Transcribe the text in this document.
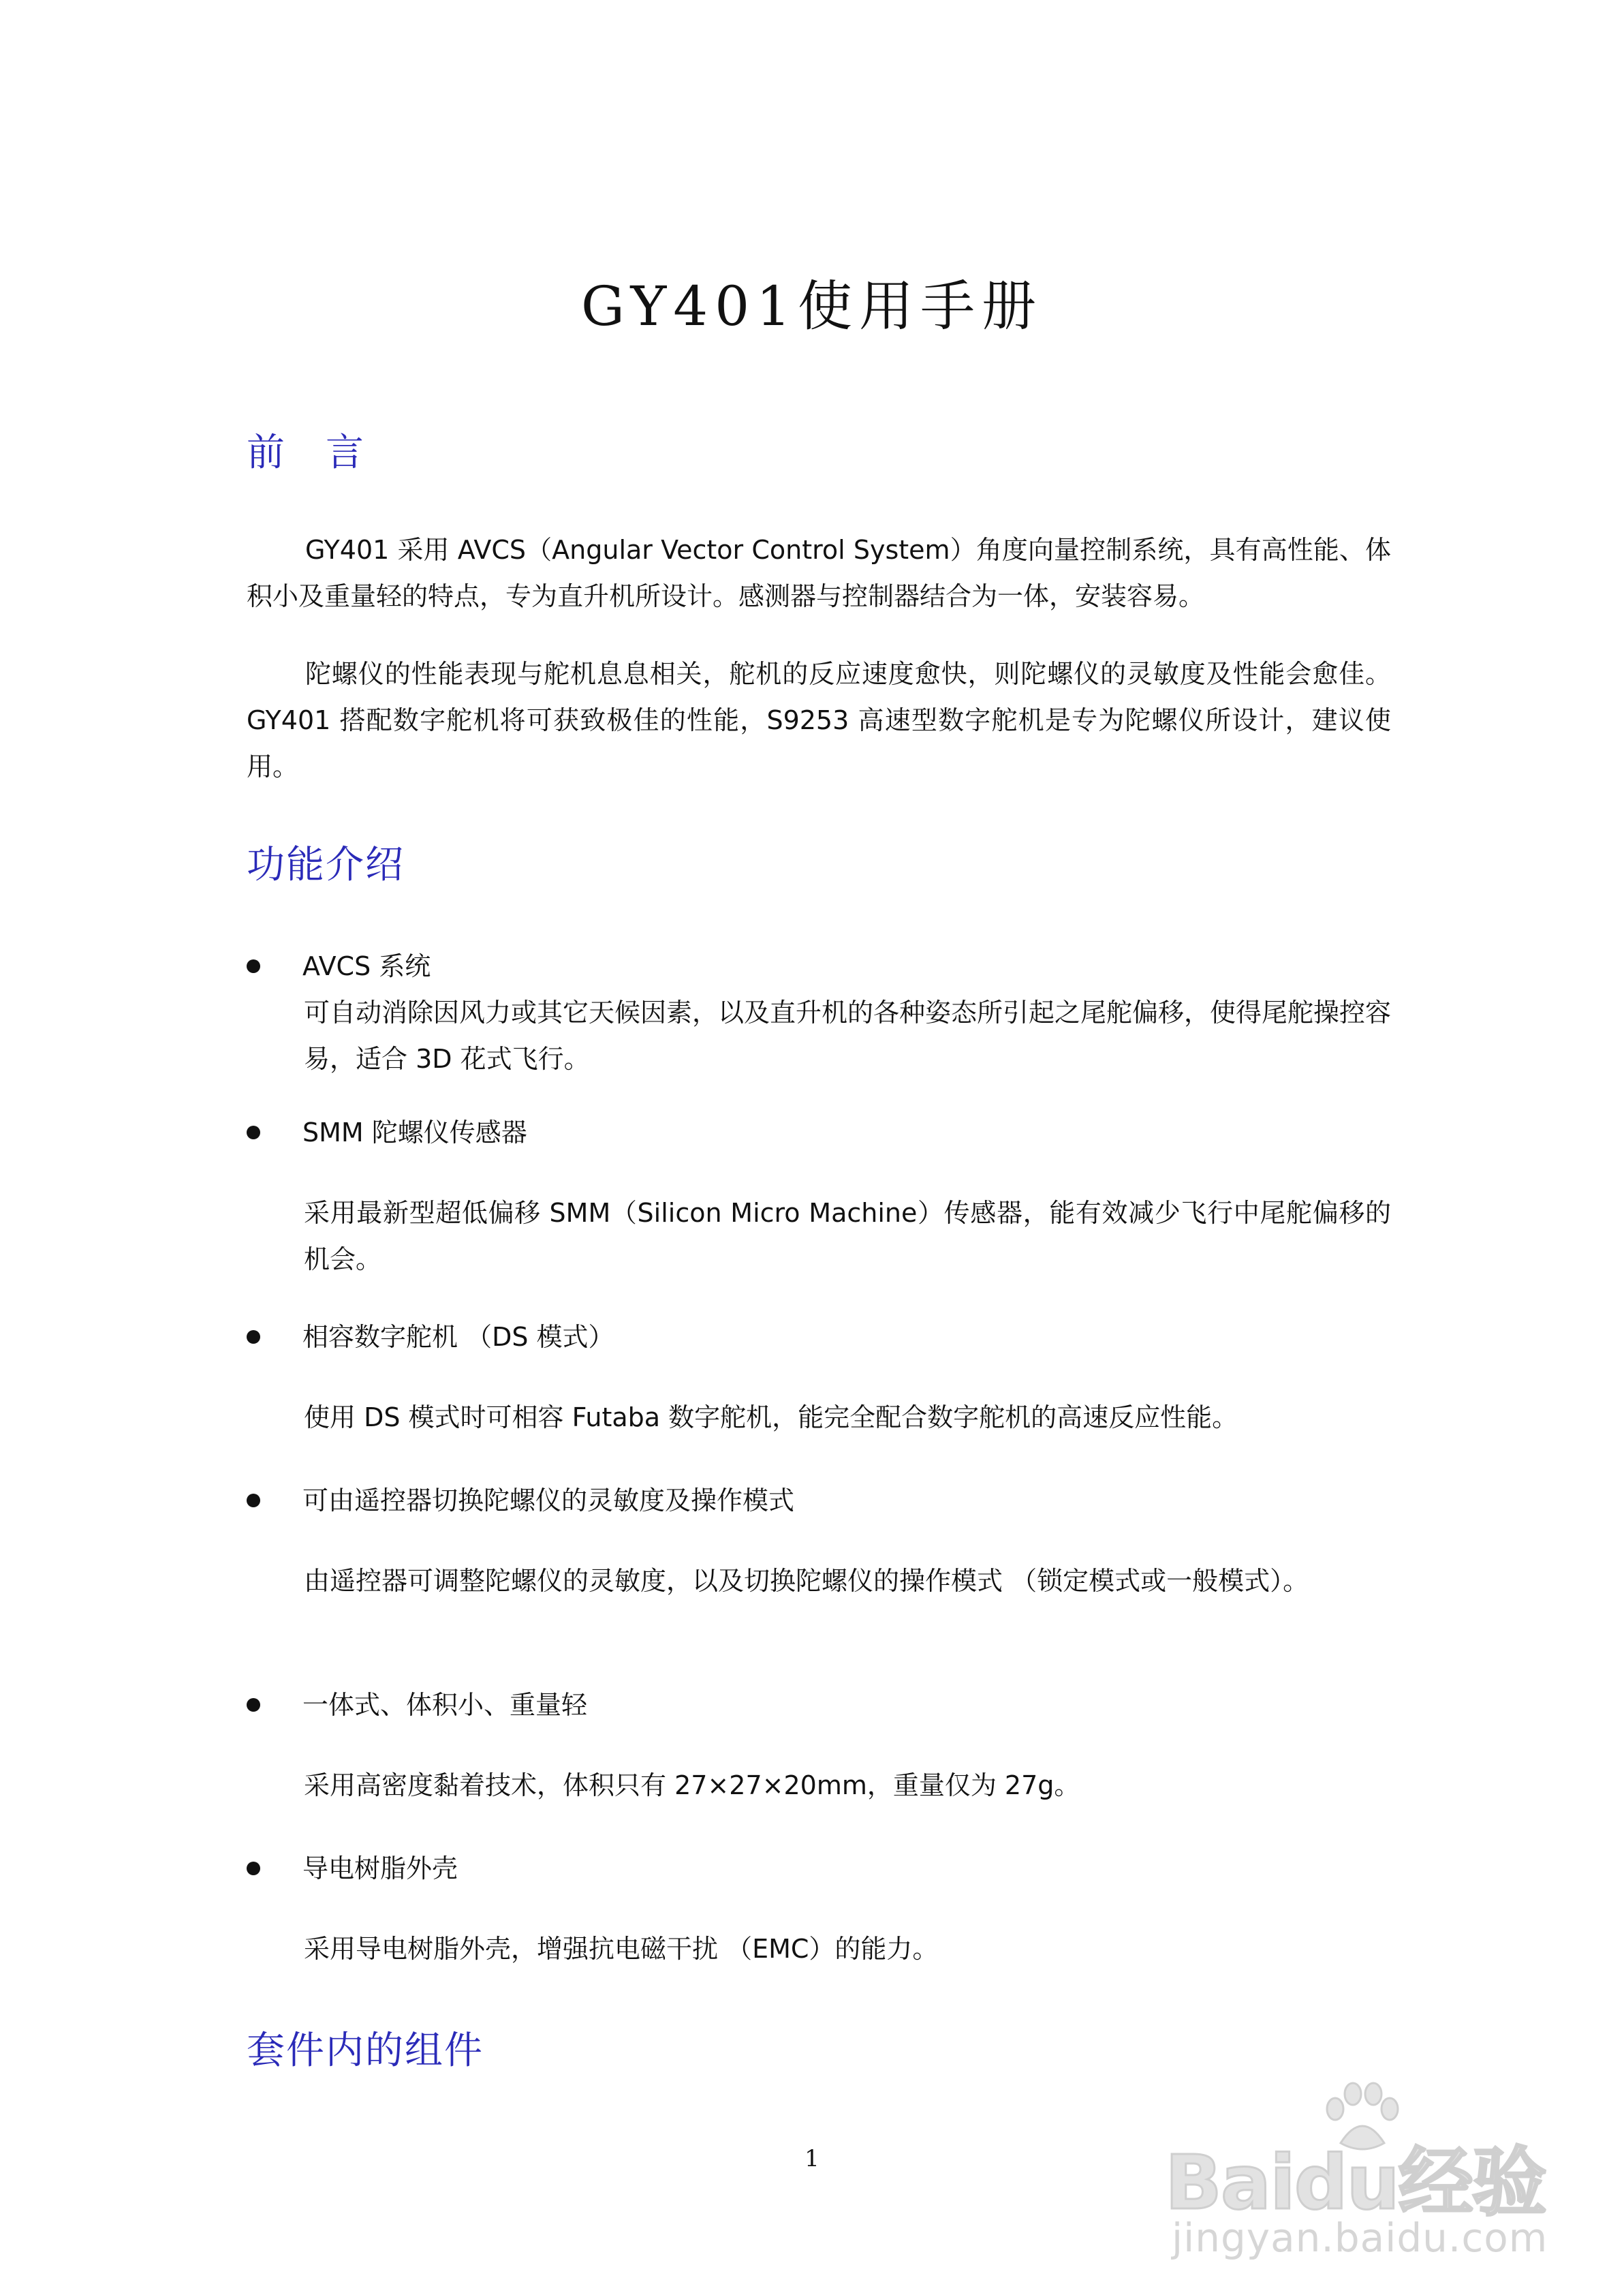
GY401使用手册
前言
GY401 采用 AVCS（Angular Vector Control System）角度向量控制系统，具有高性能、体积小及重量轻的特点，专为直升机所设计。感测器与控制器结合为一体，安装容易。
陀螺仪的性能表现与舵机息息相关，舵机的反应速度愈快，则陀螺仪的灵敏度及性能会愈佳。GY401 搭配数字舵机将可获致极佳的性能，S9253 高速型数字舵机是专为陀螺仪所设计，建议使用。
功能介绍
AVCS 系统
可自动消除因风力或其它天候因素，以及直升机的各种姿态所引起之尾舵偏移，使得尾舵操控容易，适合 3D 花式飞行。
SMM 陀螺仪传感器
采用最新型超低偏移 SMM（Silicon Micro Machine）传感器，能有效减少飞行中尾舵偏移的机会。
相容数字舵机 （DS 模式）
使用 DS 模式时可相容 Futaba 数字舵机，能完全配合数字舵机的高速反应性能。
可由遥控器切换陀螺仪的灵敏度及操作模式
由遥控器可调整陀螺仪的灵敏度，以及切换陀螺仪的操作模式 （锁定模式或一般模式）。
一体式、体积小、重量轻
采用高密度黏着技术，体积只有 27×27×20mm，重量仅为 27g。
导电树脂外壳
采用导电树脂外壳，增强抗电磁干扰 （EMC）的能力。
套件内的组件
1	Baidu经验
jingyan.baidu.com
